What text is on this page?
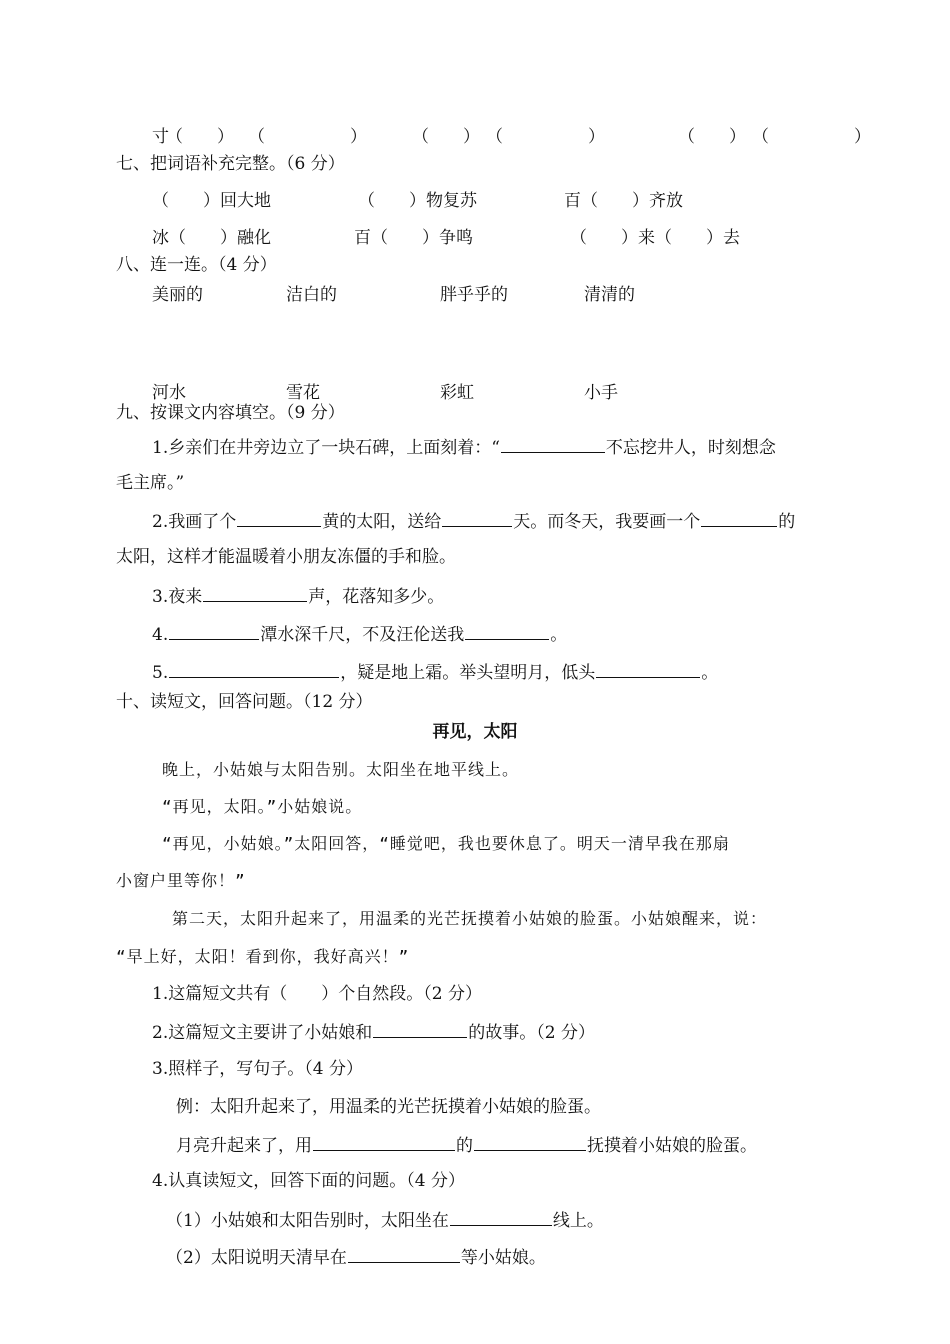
寸
（　　） （　　　　　）	（　　） （　　　　　）	（　　） （　　　　　）
七、把词语补充完整。（6 分）
（　　）回大地	（　　）物复苏	百（　　）齐放
冰（　　）融化	百（　　）争鸣	（　　）来（　　）去
八、连一连。（4 分）
美丽的	洁白的	胖乎乎的	清清的
河水	雪花	彩虹	小手
九、按课文内容填空。（9 分）
1.乡亲们在井旁边立了一块石碑，上面刻着：“	不忘挖井人，时刻想念
毛主席。”
2.我画了个	黄的太阳，送给	天。而冬天，我要画一个	的
太阳，这样才能温暖着小朋友冻僵的手和脸。
3.夜来	声，花落知多少。
4.	潭水深千尺，不及汪伦送我	。
5.	，疑是地上霜。举头望明月，低头	。
十、读短文，回答问题。（12 分）
再见，太阳
晚上，小姑娘与太阳告别。太阳坐在地平线上。
“再见，太阳。”小姑娘说。
“再见，小姑娘。”太阳回答，“睡觉吧，我也要休息了。明天一清早我在那扇
小窗户里等你！”
第二天，太阳升起来了，用温柔的光芒抚摸着小姑娘的脸蛋。小姑娘醒来，说：
“早上好，太阳！看到你，我好高兴！”
1.这篇短文共有（　　）个自然段。（2 分）
2.这篇短文主要讲了小姑娘和	的故事。（2 分）
3.照样子，写句子。（4 分）
例：太阳升起来了，用温柔的光芒抚摸着小姑娘的脸蛋。
月亮升起来了，用	的	抚摸着小姑娘的脸蛋。
4.认真读短文，回答下面的问题。（4 分）
（1）小姑娘和太阳告别时，太阳坐在	线上。
（2）太阳说明天清早在	等小姑娘。
